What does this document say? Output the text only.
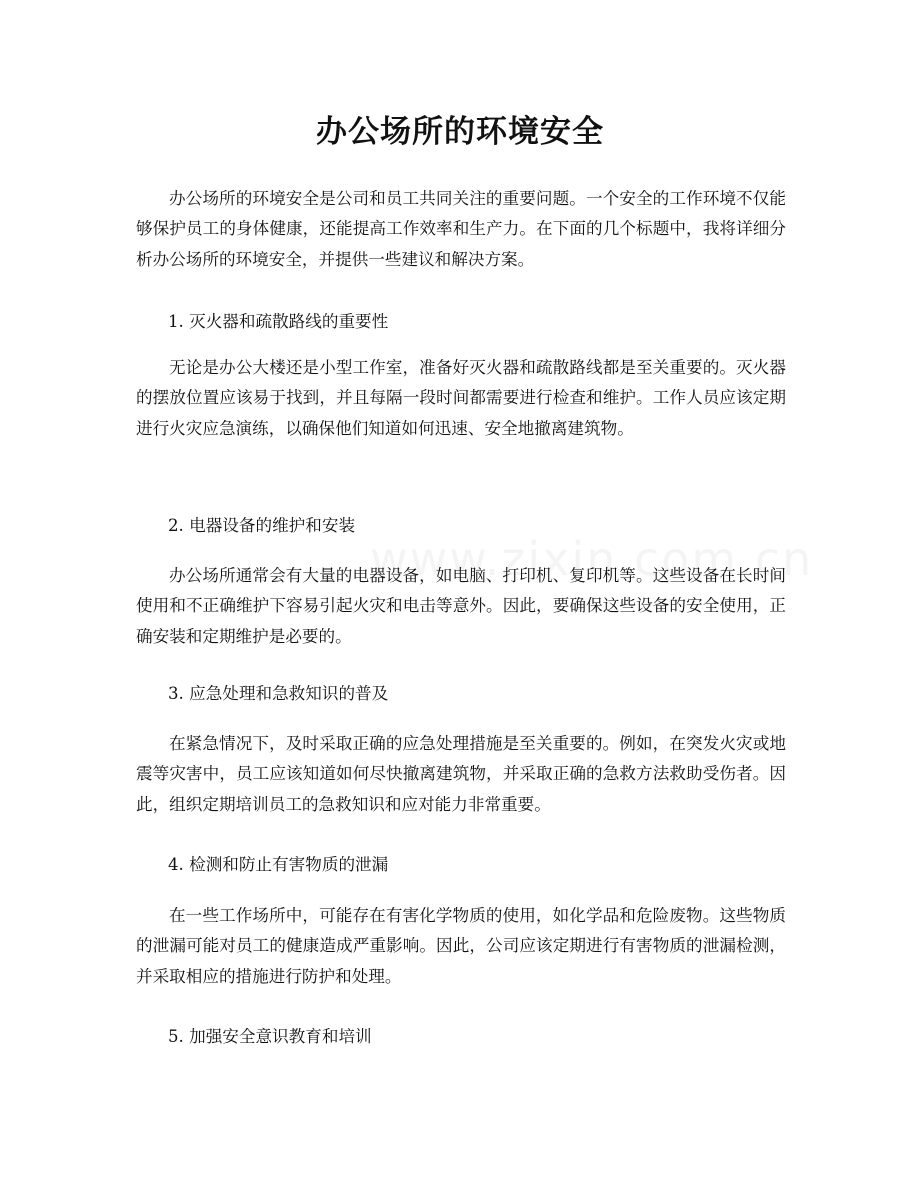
办公场所的环境安全

办公场所的环境安全是公司和员工共同关注的重要问题。一个安全的工作环境不仅能够保护员工的身体健康，还能提高工作效率和生产力。在下面的几个标题中，我将详细分析办公场所的环境安全，并提供一些建议和解决方案。

1. 灭火器和疏散路线的重要性

无论是办公大楼还是小型工作室，准备好灭火器和疏散路线都是至关重要的。灭火器的摆放位置应该易于找到，并且每隔一段时间都需要进行检查和维护。工作人员应该定期进行火灾应急演练，以确保他们知道如何迅速、安全地撤离建筑物。

2. 电器设备的维护和安装

办公场所通常会有大量的电器设备，如电脑、打印机、复印机等。这些设备在长时间使用和不正确维护下容易引起火灾和电击等意外。因此，要确保这些设备的安全使用，正确安装和定期维护是必要的。

3. 应急处理和急救知识的普及

在紧急情况下，及时采取正确的应急处理措施是至关重要的。例如，在突发火灾或地震等灾害中，员工应该知道如何尽快撤离建筑物，并采取正确的急救方法救助受伤者。因此，组织定期培训员工的急救知识和应对能力非常重要。

4. 检测和防止有害物质的泄漏

在一些工作场所中，可能存在有害化学物质的使用，如化学品和危险废物。这些物质的泄漏可能对员工的健康造成严重影响。因此，公司应该定期进行有害物质的泄漏检测，并采取相应的措施进行防护和处理。

5. 加强安全意识教育和培训
